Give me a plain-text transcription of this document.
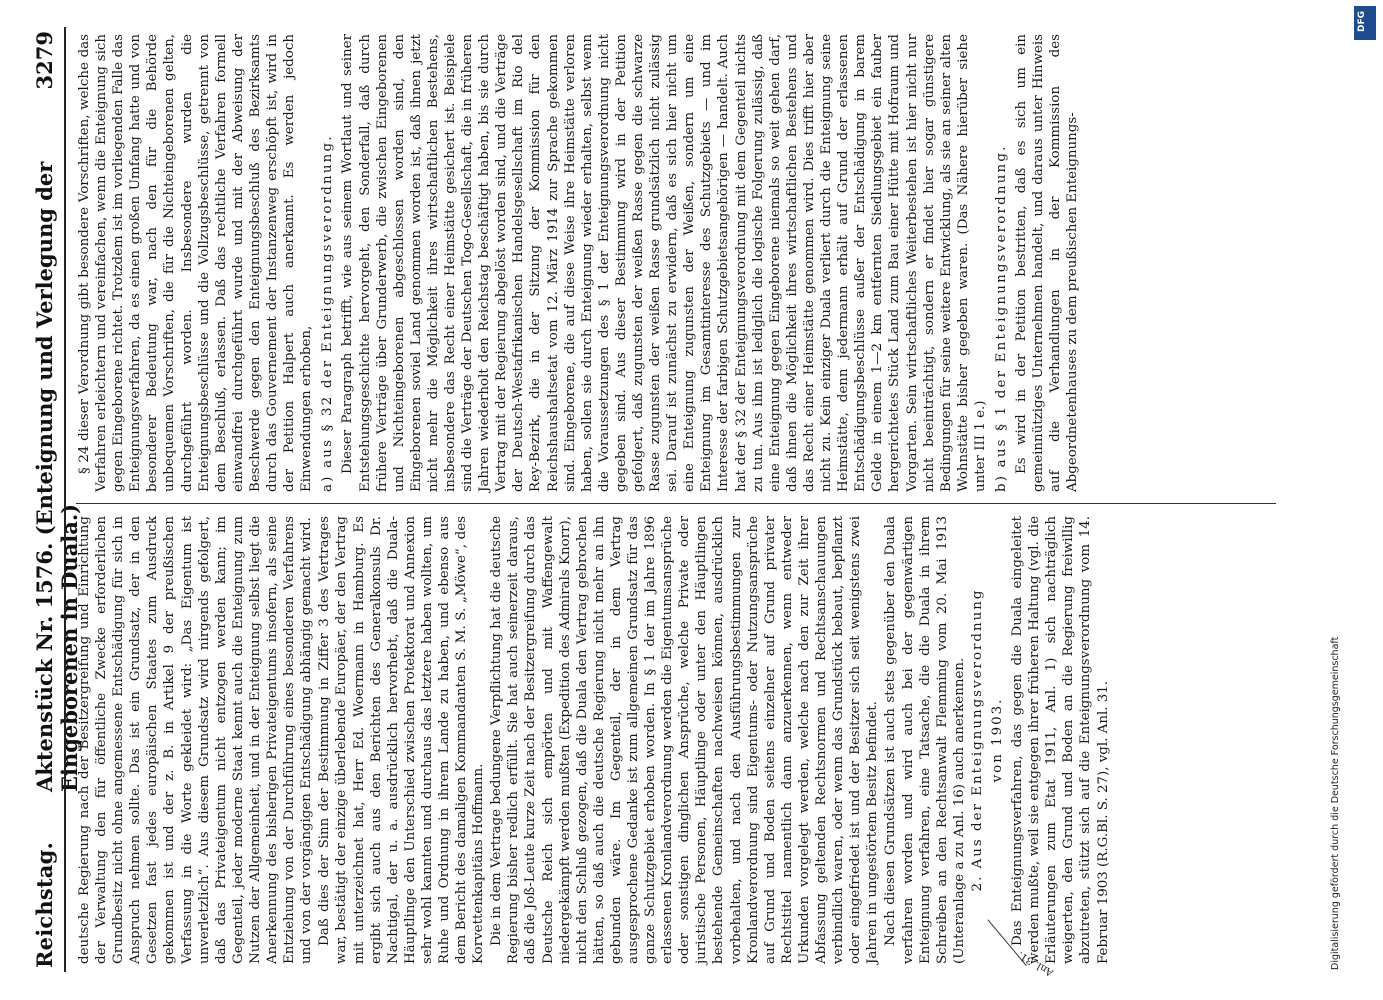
Reichstag.
Aktenstück Nr. 1576. (Enteignung und Verlegung der Eingeborenen in Duala.)
3279

deutsche Regierung nach der Besitzergreifung und Einrichtung der Verwaltung den für öffentliche Zwecke erforderlichen Grundbesitz nicht ohne angemessene Entschädigung für sich in Anspruch nehmen sollte. Das ist ein Grundsatz, der in den Gesetzen fast jedes europäischen Staates zum Ausdruck gekommen ist und der z. B. in Artikel 9 der preußischen Verfassung in die Worte gekleidet wird: „Das Eigentum ist unverletzlich“. Aus diesem Grundsatz wird nirgends gefolgert, daß das Privateigentum nicht entzogen werden kann; im Gegenteil, jeder moderne Staat kennt auch die Enteignung zum Nutzen der Allgemeinheit, und in der Enteignung selbst liegt die Anerkennung des bisherigen Privateigentums insofern, als seine Entziehung von der Durchführung eines besonderen Verfahrens und von der vorgängigen Entschädigung abhängig gemacht wird. Daß dies der Sinn der Bestimmung in Ziffer 3 des Vertrages war, bestätigt der einzige überlebende Europäer, der den Vertrag mit unterzeichnet hat, Herr Ed. Woermann in Hamburg. Es ergibt sich auch aus den Berichten des Generalkonsuls Dr. Nachtigal, der u. a. ausdrücklich hervorhebt, daß die Duala-Häuptlinge den Unterschied zwischen Protektorat und Annexion sehr wohl kannten und durchaus das letztere haben wollten, um Ruhe und Ordnung in ihrem Lande zu haben, und ebenso aus dem Bericht des damaligen Kommandanten S. M. S. „Möwe“, des Korvettenkapitäns Hoffmann. Die in dem Vertrage bedungene Verpflichtung hat die deutsche Regierung bisher redlich erfüllt. Sie hat auch seinerzeit daraus, daß die Joß-Leute kurze Zeit nach der Besitzergreifung durch das Deutsche Reich sich empörten und mit Waffengewalt niedergekämpft werden mußten (Expedition des Admirals Knorr), nicht den Schluß gezogen, daß die Duala den Vertrag gebrochen hätten, so daß auch die deutsche Regierung nicht mehr an ihn gebunden wäre. Im Gegenteil, der in dem Vertrag ausgesprochene Gedanke ist zum allgemeinen Grundsatz für das ganze Schutzgebiet erhoben worden. In § 1 der im Jahre 1896 erlassenen Kronlandverordnung werden die Eigentumsansprüche oder sonstigen dinglichen Ansprüche, welche Private oder juristische Personen, Häuptlinge oder unter den Häuptlingen bestehende Gemeinschaften nachweisen können, ausdrücklich vorbehalten, und nach den Ausführungsbestimmungen zur Kronlandverordnung sind Eigentums- oder Nutzungsansprüche auf Grund und Boden seitens einzelner auf Grund privater Rechtstitel namentlich dann anzuerkennen, wenn entweder Urkunden vorgelegt werden, welche nach den zur Zeit ihrer Abfassung geltenden Rechtsnormen und Rechtsanschauungen verbindlich waren, oder wenn das Grundstück bebaut, bepflanzt oder eingefriedet ist und der Besitzer sich seit wenigstens zwei Jahren in ungestörtem Besitz befindet. Nach diesen Grundsätzen ist auch stets gegenüber den Duala verfahren worden und wird auch bei der gegenwärtigen Enteignung verfahren, eine Tatsache, die die Duala in ihrem Schreiben an den Rechtsanwalt Flemming vom 20. Mai 1913 (Unteranlage a zu Anl. 16) auch anerkennen. 2. Aus der Enteignungsverordnung von 1903. Das Enteignungsverfahren, das gegen die Duala eingeleitet werden mußte, weil sie entgegen ihrer früheren Haltung (vgl. die Erläuterungen zum Etat 1911, Anl. 1) sich nachträglich weigerten, den Grund und Boden an die Regierung freiwillig abzutreten, stützt sich auf die Enteignungsverordnung vom 14. Februar 1903 (R.G.Bl. S. 27), vgl. Anl. 31.

§ 24 dieser Verordnung gibt besondere Vorschriften, welche das Verfahren erleichtern und vereinfachen, wenn die Enteignung sich gegen Eingeborene richtet. Trotzdem ist im vorliegenden Falle das Enteignungsverfahren, da es einen großen Umfang hatte und von besonderer Bedeutung war, nach den für die Behörde unbequemen Vorschriften, die für die Nichteingeborenen gelten, durchgeführt worden. Insbesondere wurden die Enteignungsbeschlüsse und die Vollzugsbeschlüsse, getrennt von dem Beschluß, erlassen. Daß das rechtliche Verfahren formell einwandfrei durchgeführt wurde und mit der Abweisung der Beschwerde gegen den Enteignungsbeschluß des Bezirksamts durch das Gouvernement der Instanzenweg erschöpft ist, wird in der Petition Halpert auch anerkannt. Es werden jedoch Einwendungen erhoben, a) aus § 32 der Enteignungsverordnung. Dieser Paragraph betrifft, wie aus seinem Wortlaut und seiner Entstehungsgeschichte hervorgeht, den Sonderfall, daß durch frühere Verträge über Grunderwerb, die zwischen Eingeborenen und Nichteingeborenen abgeschlossen worden sind, den Eingeborenen soviel Land genommen worden ist, daß ihnen jetzt nicht mehr die Möglichkeit ihres wirtschaftlichen Bestehens, insbesondere das Recht einer Heimstätte gesichert ist. Beispiele sind die Verträge der Deutschen Togo-Gesellschaft, die in früheren Jahren wiederholt den Reichstag beschäftigt haben, bis sie durch Vertrag mit der Regierung abgelöst worden sind, und die Verträge der Deutsch-Westafrikanischen Handelsgesellschaft im Rio del Rey-Bezirk, die in der Sitzung der Kommission für den Reichshaushaltsetat vom 12. März 1914 zur Sprache gekommen sind. Eingeborene, die auf diese Weise ihre Heimstätte verloren haben, sollen sie durch Enteignung wieder erhalten, selbst wenn die Voraussetzungen des § 1 der Enteignungsverordnung nicht gegeben sind. Aus dieser Bestimmung wird in der Petition gefolgert, daß zugunsten der weißen Rasse gegen die schwarze Rasse zugunsten der weißen Rasse grundsätzlich nicht zulässig sei. Darauf ist zunächst zu erwidern, daß es sich hier nicht um eine Enteignung zugunsten der Weißen, sondern um eine Enteignung im Gesamtinteresse des Schutzgebiets — und im Interesse der farbigen Schutzgebietsangehörigen — handelt. Auch hat der § 32 der Enteignungsverordnung mit dem Gegenteil nichts zu tun. Aus ihm ist lediglich die logische Folgerung zulässig, daß eine Enteignung gegen Eingeborene niemals so weit gehen darf, daß ihnen die Möglichkeit ihres wirtschaftlichen Bestehens und das Recht einer Heimstätte genommen wird. Dies trifft hier aber nicht zu. Kein einziger Duala verliert durch die Enteignung seine Heimstätte, denn jedermann erhält auf Grund der erlassenen Entschädigungsbeschlüsse außer der Entschädigung in barem Gelde in einem 1—2 km entfernten Siedlungsgebiet ein fauber hergerichtetes Stück Land zum Bau einer Hütte mit Hofraum und Vorgarten. Sein wirtschaftliches Weiterbestehen ist hier nicht nur nicht beeinträchtigt, sondern er findet hier sogar günstigere Bedingungen für seine weitere Entwicklung, als sie an seiner alten Wohnstätte bisher gegeben waren. (Das Nähere hierüber siehe unter III 1 e.) b) aus § 1 der Enteignungsverordnung. Es wird in der Petition bestritten, daß es sich um ein gemeinnütziges Unternehmen handelt, und daraus unter Hinweis auf die Verhandlungen in der Kommission des Abgeordnetenhauses zu dem preußischen Enteignungs-

Anl. 31.	Digitalisierung gefördert durch die Deutsche Forschungsgemeinschaft
DFG
